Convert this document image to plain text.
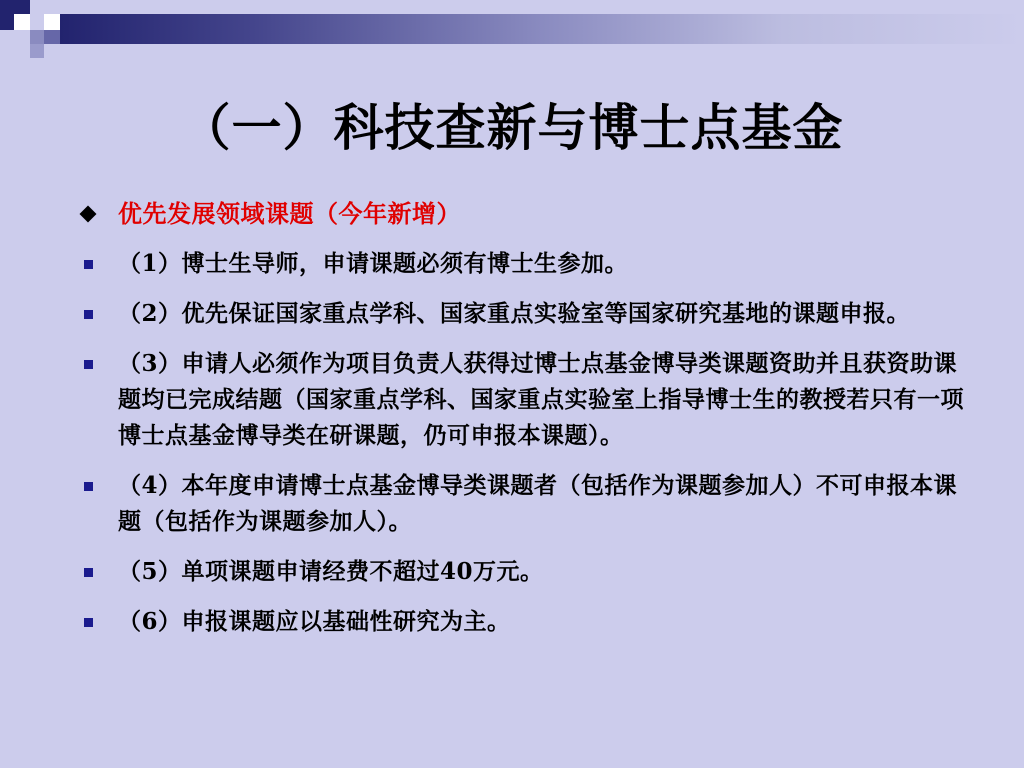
（一）科技查新与博士点基金
优先发展领域课题（今年新增）
（1）博士生导师，申请课题必须有博士生参加。
（2）优先保证国家重点学科、国家重点实验室等国家研究基地的课题申报。
（3）申请人必须作为项目负责人获得过博士点基金博导类课题资助并且获资助课题均已完成结题（国家重点学科、国家重点实验室上指导博士生的教授若只有一项博士点基金博导类在研课题，仍可申报本课题）。
（4）本年度申请博士点基金博导类课题者（包括作为课题参加人）不可申报本课题（包括作为课题参加人）。
（5）单项课题申请经费不超过40万元。
（6）申报课题应以基础性研究为主。
